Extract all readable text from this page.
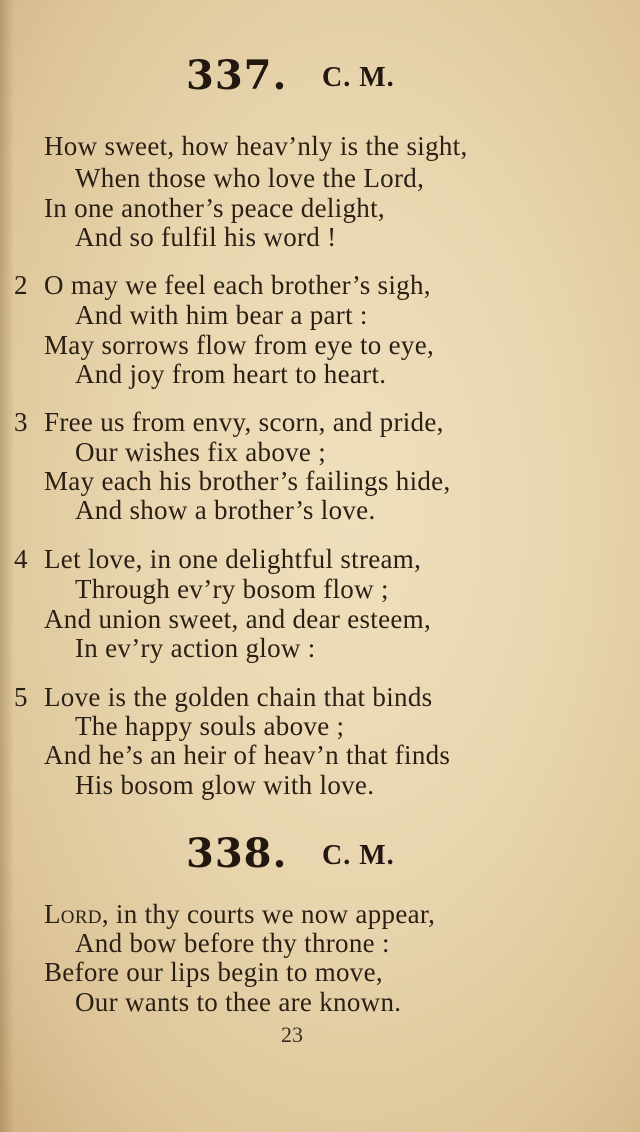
337. C. M.
How sweet, how heav’nly is the sight,
When those who love the Lord,
In one another’s peace delight,
And so fulfil his word !
2 O may we feel each brother’s sigh,
And with him bear a part :
May sorrows flow from eye to eye,
And joy from heart to heart.
3 Free us from envy, scorn, and pride,
Our wishes fix above ;
May each his brother’s failings hide,
And show a brother’s love.
4 Let love, in one delightful stream,
Through ev’ry bosom flow ;
And union sweet, and dear esteem,
In ev’ry action glow :
5 Love is the golden chain that binds
The happy souls above ;
And he’s an heir of heav’n that finds
His bosom glow with love.
338. C. M.
Lord, in thy courts we now appear,
And bow before thy throne :
Before our lips begin to move,
Our wants to thee are known.
23
